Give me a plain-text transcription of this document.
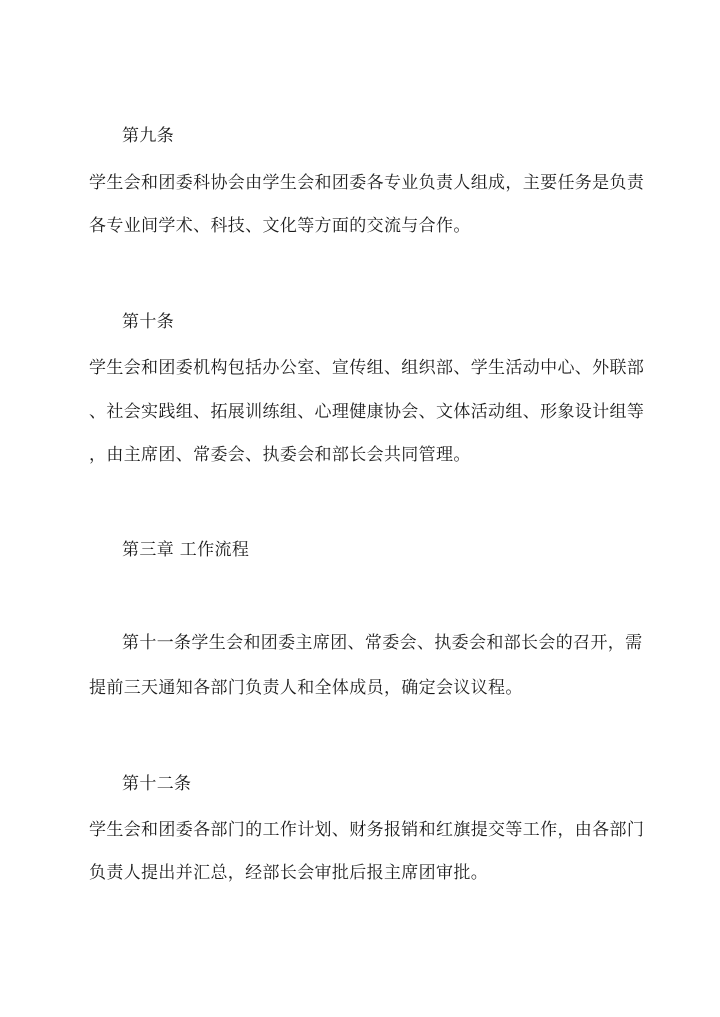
第九条
学生会和团委科协会由学生会和团委各专业负责人组成，主要任务是负责
各专业间学术、科技、文化等方面的交流与合作。
第十条
学生会和团委机构包括办公室、宣传组、组织部、学生活动中心、外联部
、社会实践组、拓展训练组、心理健康协会、文体活动组、形象设计组等
，由主席团、常委会、执委会和部长会共同管理。
第三章 工作流程
第十一条学生会和团委主席团、常委会、执委会和部长会的召开，需
提前三天通知各部门负责人和全体成员，确定会议议程。
第十二条
学生会和团委各部门的工作计划、财务报销和红旗提交等工作，由各部门
负责人提出并汇总，经部长会审批后报主席团审批。
